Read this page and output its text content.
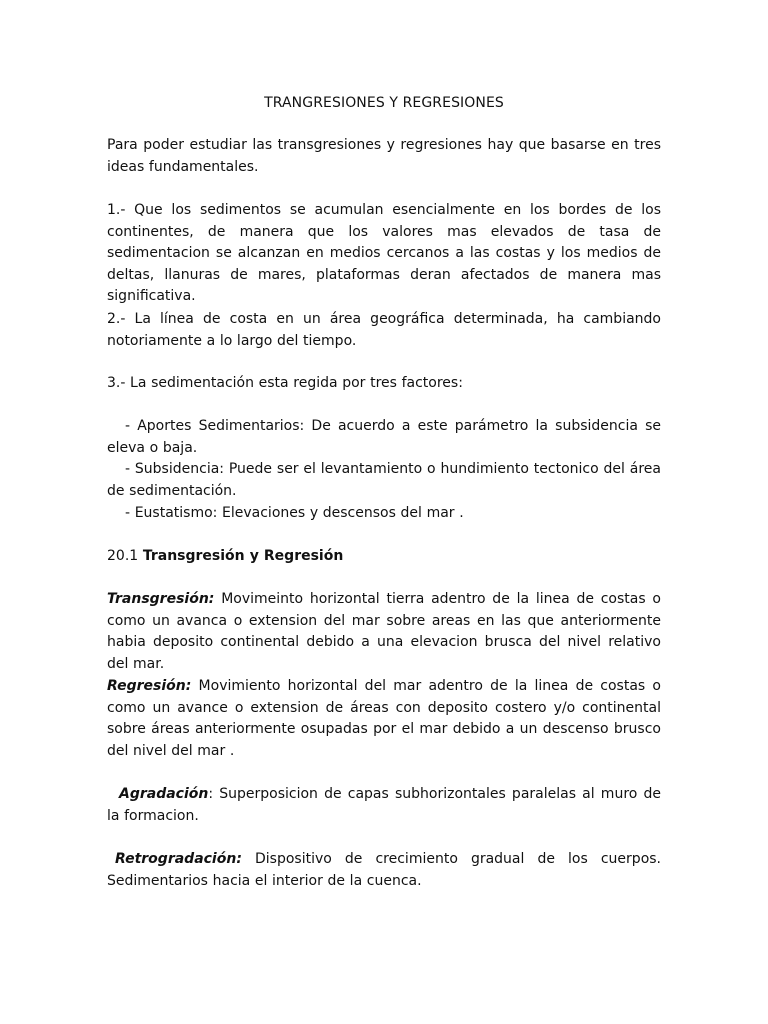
TRANGRESIONES Y REGRESIONES

Para poder estudiar las transgresiones y regresiones hay que basarse en tres ideas fundamentales.

1.- Que los sedimentos se acumulan esencialmente en los bordes de los continentes, de manera que los valores mas elevados de tasa de sedimentacion se alcanzan en medios cercanos a las costas y los medios de deltas, llanuras de mares, plataformas deran afectados de manera mas significativa.

2.- La línea de costa en un área geográfica determinada, ha cambiando notoriamente a lo largo del tiempo.

3.- La sedimentación esta regida por tres factores:

- Aportes Sedimentarios: De acuerdo a este parámetro la subsidencia se eleva o baja.

- Subsidencia: Puede ser el levantamiento o hundimiento tectonico del área de sedimentación.

- Eustatismo: Elevaciones y descensos del mar .

20.1 Transgresión y Regresión

Transgresión: Movimeinto horizontal tierra adentro de la linea de costas o como un avanca o extension del mar sobre areas en las que anteriormente habia deposito continental debido a una elevacion brusca del nivel relativo del mar.

Regresión: Movimiento horizontal del mar adentro de la linea de costas o como un avance o extension de áreas con deposito costero y/o continental sobre áreas anteriormente osupadas por el mar debido a un descenso brusco del nivel del mar .

Agradación: Superposicion de capas subhorizontales paralelas al muro de la formacion.

Retrogradación: Dispositivo de crecimiento gradual de los cuerpos. Sedimentarios hacia el interior de la cuenca.
